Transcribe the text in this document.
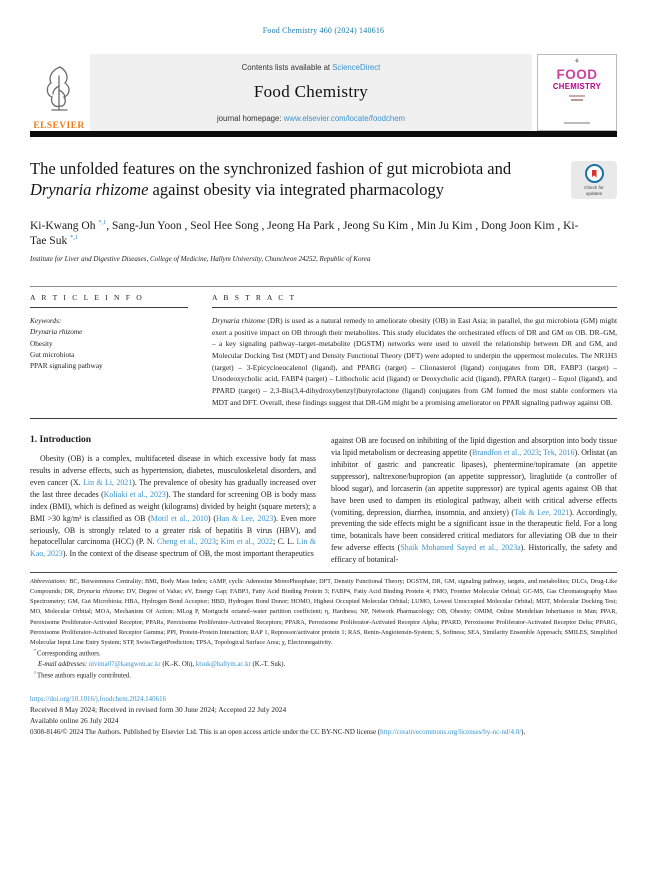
Food Chemistry 460 (2024) 140616
ELSEVIER
Contents lists available at ScienceDirect
Food Chemistry
journal homepage: www.elsevier.com/locate/foodchem
⚘
FOOD
CHEMISTRY
The unfolded features on the synchronized fashion of gut microbiota and Drynaria rhizome against obesity via integrated pharmacology	Check for
updates
Ki-Kwang Oh $^{*,1}$, Sang-Jun Yoon , Seol Hee Song , Jeong Ha Park , Jeong Su Kim , Min Ju Kim , Dong Joon Kim , Ki-Tae Suk $^{*,1}$
Institute for Liver and Digestive Diseases, College of Medicine, Hallym University, Chuncheon 24252, Republic of Korea
A R T I C L E I N F O
Keywords:
Drynaria rhizome
Obesity
Gut microbiota
PPAR signaling pathway
A B S T R A C T
Drynaria rhizome (DR) is used as a natural remedy to ameliorate obesity (OB) in East Asia; in parallel, the gut microbiota (GM) might exert a positive impact on OB through their metabolites. This study elucidates the orchestrated effects of DR and GM on OB. DR–GM, – a key signaling pathway–target–metabolite (DGSTM) networks were used to unveil the relationship between DR and GM, and Molecular Docking Test (MDT) and Density Functional Theory (DFT) were adopted to underpin the uppermost molecules. The NR1H3 (target) – 3-Epicycloeucalenol (ligand), and PPARG (target) – Clionasterol (ligand) conjugates from DR, FABP3 (target) – Ursodeoxycholic acid, FABP4 (target) – Lithocholic acid (ligand) or Deoxycholic acid (ligand), PPARA (target) – Equol (ligand), and PPARD (target) – 2,3-Bis(3,4-dihydroxybenzyl)butyrolactone (ligand) conjugates from GM formed the most stable conformers via MDT and DFT. Overall, these findings suggest that DR-GM might be a promising ameliorator on PPAR signaling pathway against OB.
1. Introduction
Obesity (OB) is a complex, multifaceted disease in which excessive body fat mass results in adverse effects, such as hypertension, diabetes, musculoskeletal disorders, and even cancer (X. Lin & Li, 2021). The prevalence of obesity has gradually increased over the last three decades (Koliaki et al., 2023). The standard for screening OB is body mass index (BMI), which is defined as weight (kilograms) divided by height (square meters); a BMI >30 kg/m² is classified as OB (Motil et al., 2010) (Han & Lee, 2023). Even more seriously, OB is strongly related to a greater risk of hepatitis B virus (HBV), and hepatocellular carcinoma (HCC) (P. N. Cheng et al., 2023; Kim et al., 2022; C. L. Lin & Kao, 2023). In the context of the disease spectrum of OB, the most important therapeutics
against OB are focused on inhibiting of the lipid digestion and absorption into body tissue via lipid metabolism or decreasing appetite (Brandfon et al., 2023; Tek, 2016). Orlistat (an inhibitor of gastric and pancreatic lipases), phentermine/topiramate (an appetite suppressor), naltrexone/bupropion (an appetite suppressor), liraglutide (a controller of blood sugar), and lorcaserin (an appetite suppressor) are typical agents against OB that have been used to dampen its etiological pathway, albeit with critical adverse effects (vomiting, depression, diarrhea, insomnia, and anxiety) (Tak & Lee, 2021). Accordingly, preventing the side effects might be a significant issue in the therapeutic field. For a long time, botanicals have been considered critical mediators for alleviating OB due to their few adverse effects (Shaik Mohamed Sayed et al., 2023a). Historically, the safety and efficacy of botanical-
Abbreviations: BC, Betweenness Centrality; BMI, Body Mass Index; cAMP, cyclic Adenosine MonoPhosphate; DFT, Density Functional Theory; DGSTM, DR, GM, signaling pathway, targets, and metabolites; DLCs, Drug-Like Compounds; DR, Drynaria rhizome; DV, Degree of Value; eV, Energy Gap; FABP3, Fatty Acid Binding Protein 3; FABP4, Fatty Acid Binding Protein 4; FMO, Frontier Molecular Orbital; GC-MS, Gas Chromatography Mass Spectrometry; GM, Gut Microbiota; HBA, Hydrogen Bond Acceptor; HBD, Hydrogen Bond Donor; HOMO, Highest Occupied Molecular Orbital; LUMO, Lowest Unoccupied Molecular Orbital; MDT, Molecular Docking Test; MO, Molecular Orbital; MOA, Mechanism Of Action; MLog P, Moriguchi octanol–water partition coefficient; η, Hardness; NP, Network Pharmacology; OB, Obesity; OMIM, Online Mendelian Inheritance in Man; PPAR, Peroxisome Proliferator-Activated Receptor; PPARs, Peroxisome Proliferator-Activated Receptors; PPARA, Peroxisome Proliferator-Activated Receptor Alpha; PPARD, Peroxisome Proliferator-Activated Receptor Delta; PPARG, Peroxisome Proliferator-Activated Receptor Gamma; PPI, Protein-Protein Interaction; RAP 1, Repressor/activator protein 1; RAS, Renin-Angiotensin-System; S, Softness; SEA, Similarity Ensemble Approach; SMILES, Simplified Molecular Input Line Entry System; STP, SwissTargetPrediction; TPSA, Topological Surface Area; χ, Electronegativity.
* Corresponding authors.
E-mail addresses: nivima07@kangwon.ac.kr (K.-K. Oh), ktsuk@hallym.ac.kr (K.-T. Suk).
$^1$ These authors equally contributed.
https://doi.org/10.1016/j.foodchem.2024.140616
Received 8 May 2024; Received in revised form 30 June 2024; Accepted 22 July 2024
Available online 26 July 2024
0308-8146/© 2024 The Authors. Published by Elsevier Ltd. This is an open access article under the CC BY-NC-ND license (http://creativecommons.org/licenses/by-nc-nd/4.0/).
